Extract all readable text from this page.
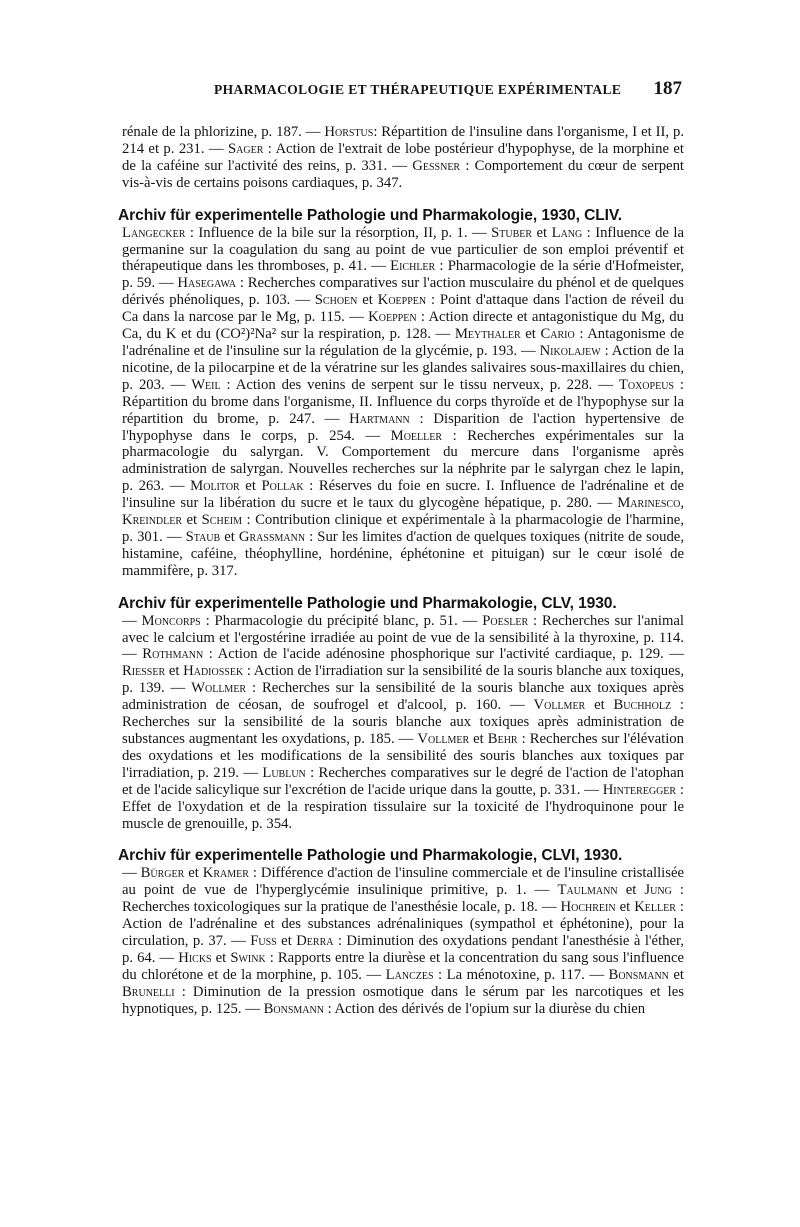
PHARMACOLOGIE ET THÉRAPEUTIQUE EXPÉRIMENTALE 187

rénale de la phlorizine, p. 187. — Horstus: Répartition de l'insuline dans l'organisme, I et II, p. 214 et p. 231. — Sager : Action de l'extrait de lobe postérieur d'hypophyse, de la morphine et de la caféine sur l'activité des reins, p. 331. — Gessner : Comportement du cœur de serpent vis-à-vis de certains poisons cardiaques, p. 347.

Archiv für experimentelle Pathologie und Pharmakologie, 1930, CLIV.

Langecker : Influence de la bile sur la résorption, II, p. 1. — Stuber et Lang : Influence de la germanine sur la coagulation du sang au point de vue particulier de son emploi préventif et thérapeutique dans les thromboses, p. 41. — Eichler : Pharmacologie de la série d'Hofmeister, p. 59. — Hasegawa : Recherches comparatives sur l'action musculaire du phénol et de quelques dérivés phénoliques, p. 103. — Schoen et Koeppen : Point d'attaque dans l'action de réveil du Ca dans la narcose par le Mg, p. 115. — Koeppen : Action directe et antagonistique du Mg, du Ca, du K et du (CO²)²Na² sur la respiration, p. 128. — Meythaler et Cario : Antagonisme de l'adrénaline et de l'insuline sur la régulation de la glycémie, p. 193. — Nikolajew : Action de la nicotine, de la pilocarpine et de la vératrine sur les glandes salivaires sous-maxillaires du chien, p. 203. — Weil : Action des venins de serpent sur le tissu nerveux, p. 228. — Toxopeus : Répartition du brome dans l'organisme, II. Influence du corps thyroïde et de l'hypophyse sur la répartition du brome, p. 247. — Hartmann : Disparition de l'action hypertensive de l'hypophyse dans le corps, p. 254. — Moeller : Recherches expérimentales sur la pharmacologie du salyrgan. V. Comportement du mercure dans l'organisme après administration de salyrgan. Nouvelles recherches sur la néphrite par le salyrgan chez le lapin, p. 263. — Molitor et Pollak : Réserves du foie en sucre. I. Influence de l'adrénaline et de l'insuline sur la libération du sucre et le taux du glycogène hépatique, p. 280. — Marinesco, Kreindler et Scheim : Contribution clinique et expérimentale à la pharmacologie de l'harmine, p. 301. — Staub et Grassmann : Sur les limites d'action de quelques toxiques (nitrite de soude, histamine, caféine, théophylline, hordénine, éphétonine et pituigan) sur le cœur isolé de mammifère, p. 317.

Archiv für experimentelle Pathologie und Pharmakologie, CLV, 1930.

— Moncorps : Pharmacologie du précipité blanc, p. 51. — Poesler : Recherches sur l'animal avec le calcium et l'ergostérine irradiée au point de vue de la sensibilité à la thyroxine, p. 114. — Rothmann : Action de l'acide adénosine phosphorique sur l'activité cardiaque, p. 129. — Riesser et Hadiossek : Action de l'irradiation sur la sensibilité de la souris blanche aux toxiques, p. 139. — Wollmer : Recherches sur la sensibilité de la souris blanche aux toxiques après administration de céosan, de soufrogel et d'alcool, p. 160. — Vollmer et Buchholz : Recherches sur la sensibilité de la souris blanche aux toxiques après administration de substances augmentant les oxydations, p. 185. — Vollmer et Behr : Recherches sur l'élévation des oxydations et les modifications de la sensibilité des souris blanches aux toxiques par l'irradiation, p. 219. — Lublun : Recherches comparatives sur le degré de l'action de l'atophan et de l'acide salicylique sur l'excrétion de l'acide urique dans la goutte, p. 331. — Hinteregger : Effet de l'oxydation et de la respiration tissulaire sur la toxicité de l'hydroquinone pour le muscle de grenouille, p. 354.

Archiv für experimentelle Pathologie und Pharmakologie, CLVI, 1930.

— Bürger et Kramer : Différence d'action de l'insuline commerciale et de l'insuline cristallisée au point de vue de l'hyperglycémie insulinique primitive, p. 1. — Taulmann et Jung : Recherches toxicologiques sur la pratique de l'anesthésie locale, p. 18. — Hochrein et Keller : Action de l'adrénaline et des substances adrénaliniques (sympathol et éphétonine), pour la circulation, p. 37. — Fuss et Derra : Diminution des oxydations pendant l'anesthésie à l'éther, p. 64. — Hicks et Swink : Rapports entre la diurèse et la concentration du sang sous l'influence du chlorétone et de la morphine, p. 105. — Lanczes : La ménotoxine, p. 117. — Bonsmann et Brunelli : Diminution de la pression osmotique dans le sérum par les narcotiques et les hypnotiques, p. 125. — Bonsmann : Action des dérivés de l'opium sur la diurèse du chien
